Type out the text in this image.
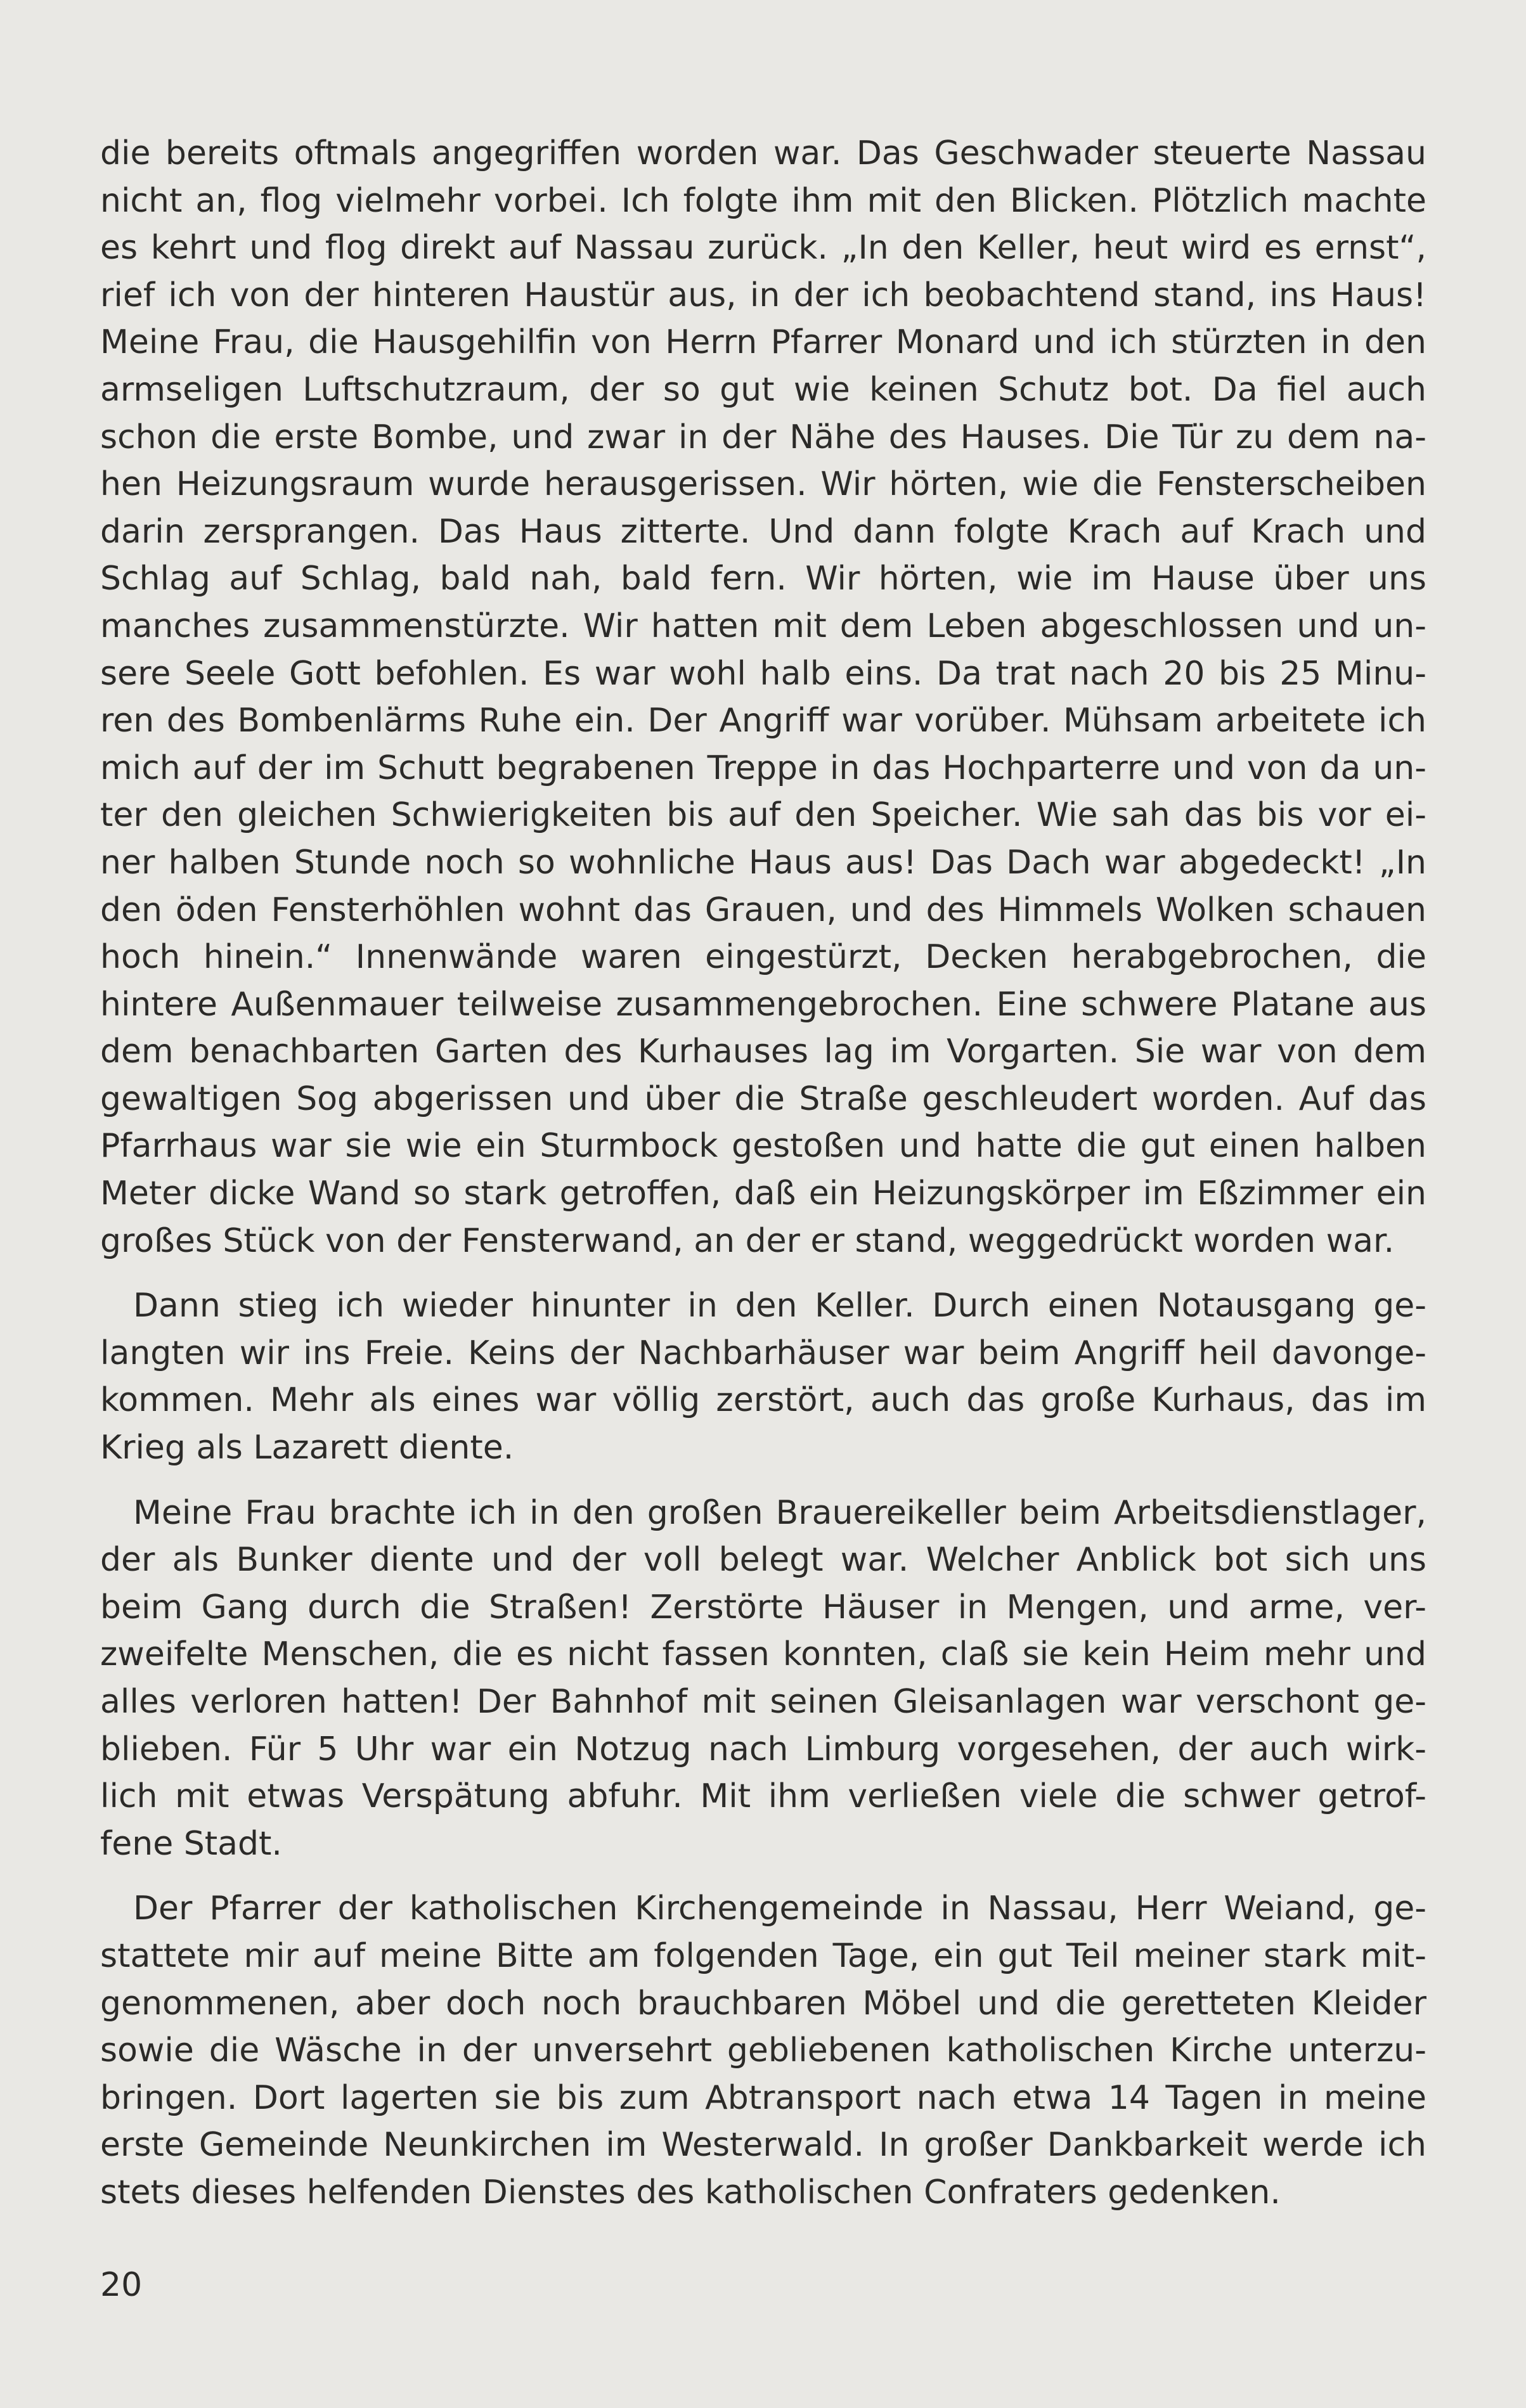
die bereits oftmals angegriffen worden war. Das Geschwader steuerte Nassau
nicht an, flog vielmehr vorbei. Ich folgte ihm mit den Blicken. Plötzlich machte
es kehrt und flog direkt auf Nassau zurück. „In den Keller, heut wird es ernst“,
rief ich von der hinteren Haustür aus, in der ich beobachtend stand, ins Haus!
Meine Frau, die Hausgehilfin von Herrn Pfarrer Monard und ich stürzten in den
armseligen Luftschutzraum, der so gut wie keinen Schutz bot. Da fiel auch
schon die erste Bombe, und zwar in der Nähe des Hauses. Die Tür zu dem na-
hen Heizungsraum wurde herausgerissen. Wir hörten, wie die Fensterscheiben
darin zersprangen. Das Haus zitterte. Und dann folgte Krach auf Krach und
Schlag auf Schlag, bald nah, bald fern. Wir hörten, wie im Hause über uns
manches zusammenstürzte. Wir hatten mit dem Leben abgeschlossen und un-
sere Seele Gott befohlen. Es war wohl halb eins. Da trat nach 20 bis 25 Minu-
ren des Bombenlärms Ruhe ein. Der Angriff war vorüber. Mühsam arbeitete ich
mich auf der im Schutt begrabenen Treppe in das Hochparterre und von da un-
ter den gleichen Schwierigkeiten bis auf den Speicher. Wie sah das bis vor ei-
ner halben Stunde noch so wohnliche Haus aus! Das Dach war abgedeckt! „In
den öden Fensterhöhlen wohnt das Grauen, und des Himmels Wolken schauen
hoch hinein.“ Innenwände waren eingestürzt, Decken herabgebrochen, die
hintere Außenmauer teilweise zusammengebrochen. Eine schwere Platane aus
dem benachbarten Garten des Kurhauses lag im Vorgarten. Sie war von dem
gewaltigen Sog abgerissen und über die Straße geschleudert worden. Auf das
Pfarrhaus war sie wie ein Sturmbock gestoßen und hatte die gut einen halben
Meter dicke Wand so stark getroffen, daß ein Heizungskörper im Eßzimmer ein
großes Stück von der Fensterwand, an der er stand, weggedrückt worden war.
Dann stieg ich wieder hinunter in den Keller. Durch einen Notausgang ge-
langten wir ins Freie. Keins der Nachbarhäuser war beim Angriff heil davonge-
kommen. Mehr als eines war völlig zerstört, auch das große Kurhaus, das im
Krieg als Lazarett diente.
Meine Frau brachte ich in den großen Brauereikeller beim Arbeitsdienstlager,
der als Bunker diente und der voll belegt war. Welcher Anblick bot sich uns
beim Gang durch die Straßen! Zerstörte Häuser in Mengen, und arme, ver-
zweifelte Menschen, die es nicht fassen konnten, claß sie kein Heim mehr und
alles verloren hatten! Der Bahnhof mit seinen Gleisanlagen war verschont ge-
blieben. Für 5 Uhr war ein Notzug nach Limburg vorgesehen, der auch wirk-
lich mit etwas Verspätung abfuhr. Mit ihm verließen viele die schwer getrof-
fene Stadt.
Der Pfarrer der katholischen Kirchengemeinde in Nassau, Herr Weiand, ge-
stattete mir auf meine Bitte am folgenden Tage, ein gut Teil meiner stark mit-
genommenen, aber doch noch brauchbaren Möbel und die geretteten Kleider
sowie die Wäsche in der unversehrt gebliebenen katholischen Kirche unterzu-
bringen. Dort lagerten sie bis zum Abtransport nach etwa 14 Tagen in meine
erste Gemeinde Neunkirchen im Westerwald. In großer Dankbarkeit werde ich
stets dieses helfenden Dienstes des katholischen Confraters gedenken.
20
